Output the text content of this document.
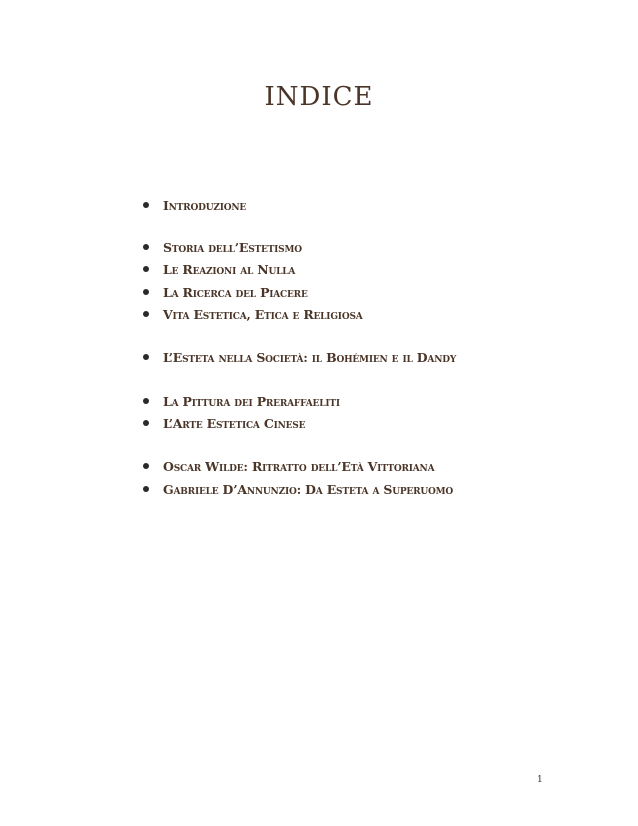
INDICE
Introduzione
Storia dell’Estetismo
Le Reazioni al Nulla
La Ricerca del Piacere
Vita Estetica, Etica e Religiosa
L’Esteta nella Società: il Bohémien e il Dandy
La Pittura dei Preraffaeliti
L’Arte Estetica Cinese
Oscar Wilde: Ritratto dell’Età Vittoriana
Gabriele D’Annunzio: Da Esteta a Superuomo
1
